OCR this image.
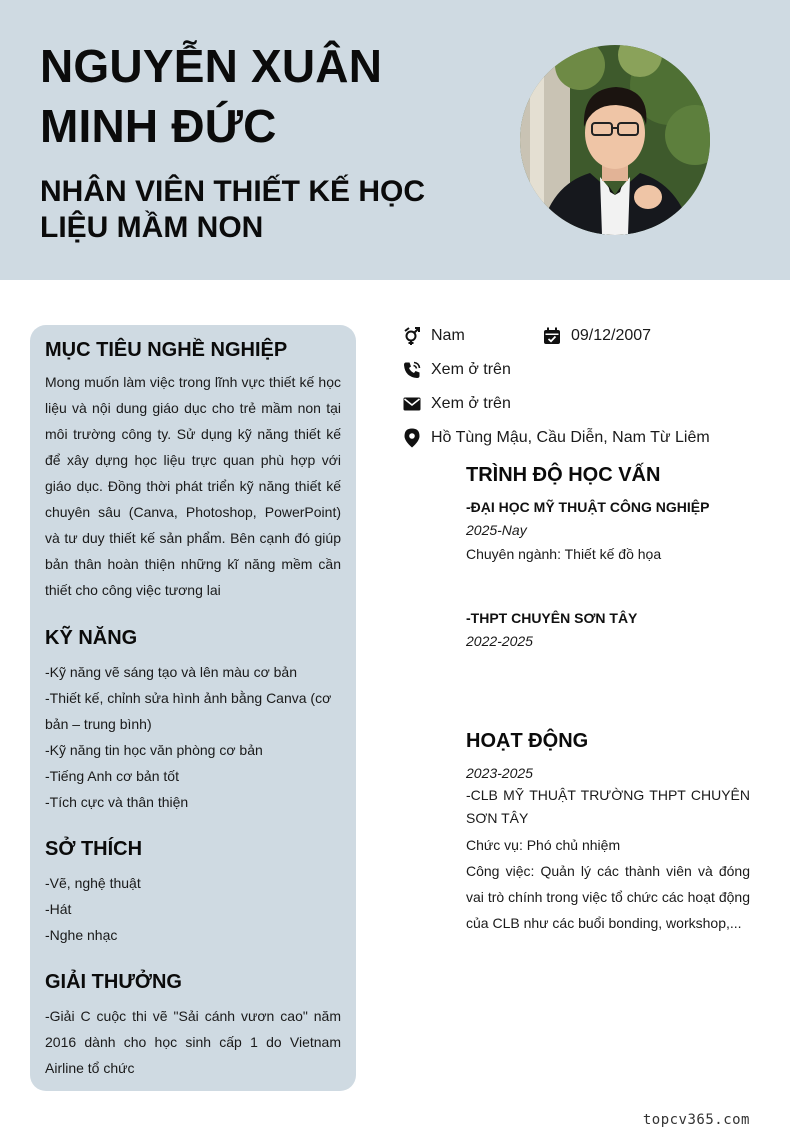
NGUYỄN XUÂN MINH ĐỨC
NHÂN VIÊN THIẾT KẾ HỌC LIỆU MẦM NON
MỤC TIÊU NGHỀ NGHIỆP
Mong muốn làm việc trong lĩnh vực thiết kế học liệu và nội dung giáo dục cho trẻ mầm non tại môi trường công ty. Sử dụng kỹ năng thiết kế để xây dựng học liệu trực quan phù hợp với giáo dục. Đồng thời phát triển kỹ năng thiết kế chuyên sâu (Canva, Photoshop, PowerPoint) và tư duy thiết kế sản phẩm. Bên cạnh đó giúp bản thân hoàn thiện những kĩ năng mềm cần thiết cho công việc tương lai
KỸ NĂNG
-Kỹ năng vẽ sáng tạo và lên màu cơ bản
-Thiết kế, chỉnh sửa hình ảnh bằng Canva (cơ bản – trung bình)
-Kỹ năng tin học văn phòng cơ bản
-Tiếng Anh cơ bản tốt
-Tích cực và thân thiện
SỞ THÍCH
-Vẽ, nghệ thuật
-Hát
-Nghe nhạc
GIẢI THƯỞNG
-Giải C cuộc thi vẽ "Sải cánh vươn cao" năm 2016 dành cho học sinh cấp 1 do Vietnam Airline tổ chức
Nam	09/12/2007
Xem ở trên
Xem ở trên
Hồ Tùng Mậu, Cầu Diễn, Nam Từ Liêm
TRÌNH ĐỘ HỌC VẤN
-ĐẠI HỌC MỸ THUẬT CÔNG NGHIỆP
2025-Nay
Chuyên ngành: Thiết kế đồ họa
-THPT CHUYÊN SƠN TÂY
2022-2025
HOẠT ĐỘNG
2023-2025
-CLB MỸ THUẬT TRƯỜNG THPT CHUYÊN SƠN TÂY
Chức vụ: Phó chủ nhiệm
Công việc: Quản lý các thành viên và đóng vai trò chính trong việc tổ chức các hoạt động của CLB như các buổi bonding, workshop,...
topcv365.com
